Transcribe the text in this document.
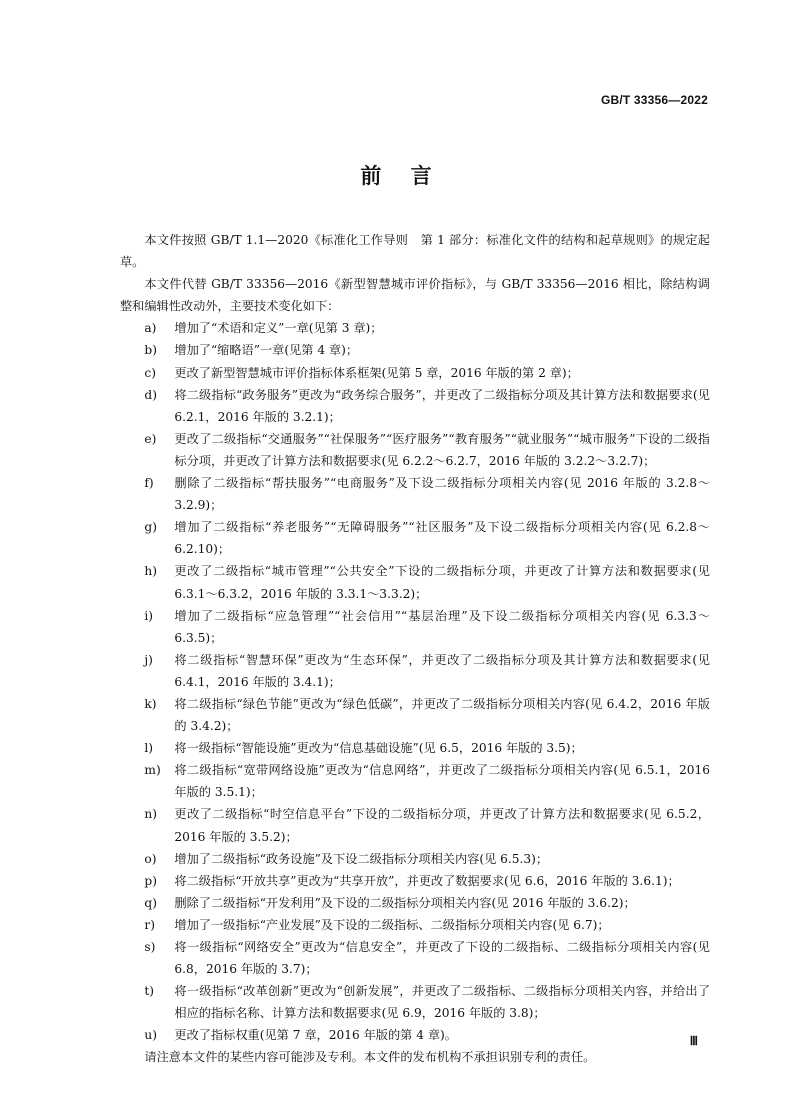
GB/T 33356—2022
前    言

本文件按照 GB/T 1.1—2020《标准化工作导则　第 1 部分：标准化文件的结构和起草规则》的规定起草。

本文件代替 GB/T 33356—2016《新型智慧城市评价指标》，与 GB/T 33356—2016 相比，除结构调整和编辑性改动外，主要技术变化如下：

a)	增加了“术语和定义”一章(见第 3 章)；
b)	增加了“缩略语”一章(见第 4 章)；
c)	更改了新型智慧城市评价指标体系框架(见第 5 章，2016 年版的第 2 章)；
d)	将二级指标“政务服务”更改为“政务综合服务”，并更改了二级指标分项及其计算方法和数据要求(见 6.2.1，2016 年版的 3.2.1)；
e)	更改了二级指标“交通服务”“社保服务”“医疗服务”“教育服务”“就业服务”“城市服务”下设的二级指标分项，并更改了计算方法和数据要求(见 6.2.2～6.2.7，2016 年版的 3.2.2～3.2.7)；
f)	删除了二级指标“帮扶服务”“电商服务”及下设二级指标分项相关内容(见 2016 年版的 3.2.8～3.2.9)；
g)	增加了二级指标“养老服务”“无障碍服务”“社区服务”及下设二级指标分项相关内容(见 6.2.8～6.2.10)；
h)	更改了二级指标“城市管理”“公共安全”下设的二级指标分项，并更改了计算方法和数据要求(见 6.3.1～6.3.2，2016 年版的 3.3.1～3.3.2)；
i)	增加了二级指标“应急管理”“社会信用”“基层治理”及下设二级指标分项相关内容(见 6.3.3～6.3.5)；
j)	将二级指标“智慧环保”更改为“生态环保”，并更改了二级指标分项及其计算方法和数据要求(见 6.4.1，2016 年版的 3.4.1)；
k)	将二级指标“绿色节能”更改为“绿色低碳”，并更改了二级指标分项相关内容(见 6.4.2，2016 年版的 3.4.2)；
l)	将一级指标“智能设施”更改为“信息基础设施”(见 6.5，2016 年版的 3.5)；
m)	将二级指标“宽带网络设施”更改为“信息网络”，并更改了二级指标分项相关内容(见 6.5.1，2016 年版的 3.5.1)；
n)	更改了二级指标“时空信息平台”下设的二级指标分项，并更改了计算方法和数据要求(见 6.5.2，2016 年版的 3.5.2)；
o)	增加了二级指标“政务设施”及下设二级指标分项相关内容(见 6.5.3)；
p)	将二级指标“开放共享”更改为“共享开放”，并更改了数据要求(见 6.6，2016 年版的 3.6.1)；
q)	删除了二级指标“开发利用”及下设的二级指标分项相关内容(见 2016 年版的 3.6.2)；
r)	增加了一级指标“产业发展”及下设的二级指标、二级指标分项相关内容(见 6.7)；
s)	将一级指标“网络安全”更改为“信息安全”，并更改了下设的二级指标、二级指标分项相关内容(见 6.8，2016 年版的 3.7)；
t)	将一级指标“改革创新”更改为“创新发展”，并更改了二级指标、二级指标分项相关内容，并给出了相应的指标名称、计算方法和数据要求(见 6.9，2016 年版的 3.8)；
u)	更改了指标权重(见第 7 章，2016 年版的第 4 章)。

请注意本文件的某些内容可能涉及专利。本文件的发布机构不承担识别专利的责任。

Ⅲ
